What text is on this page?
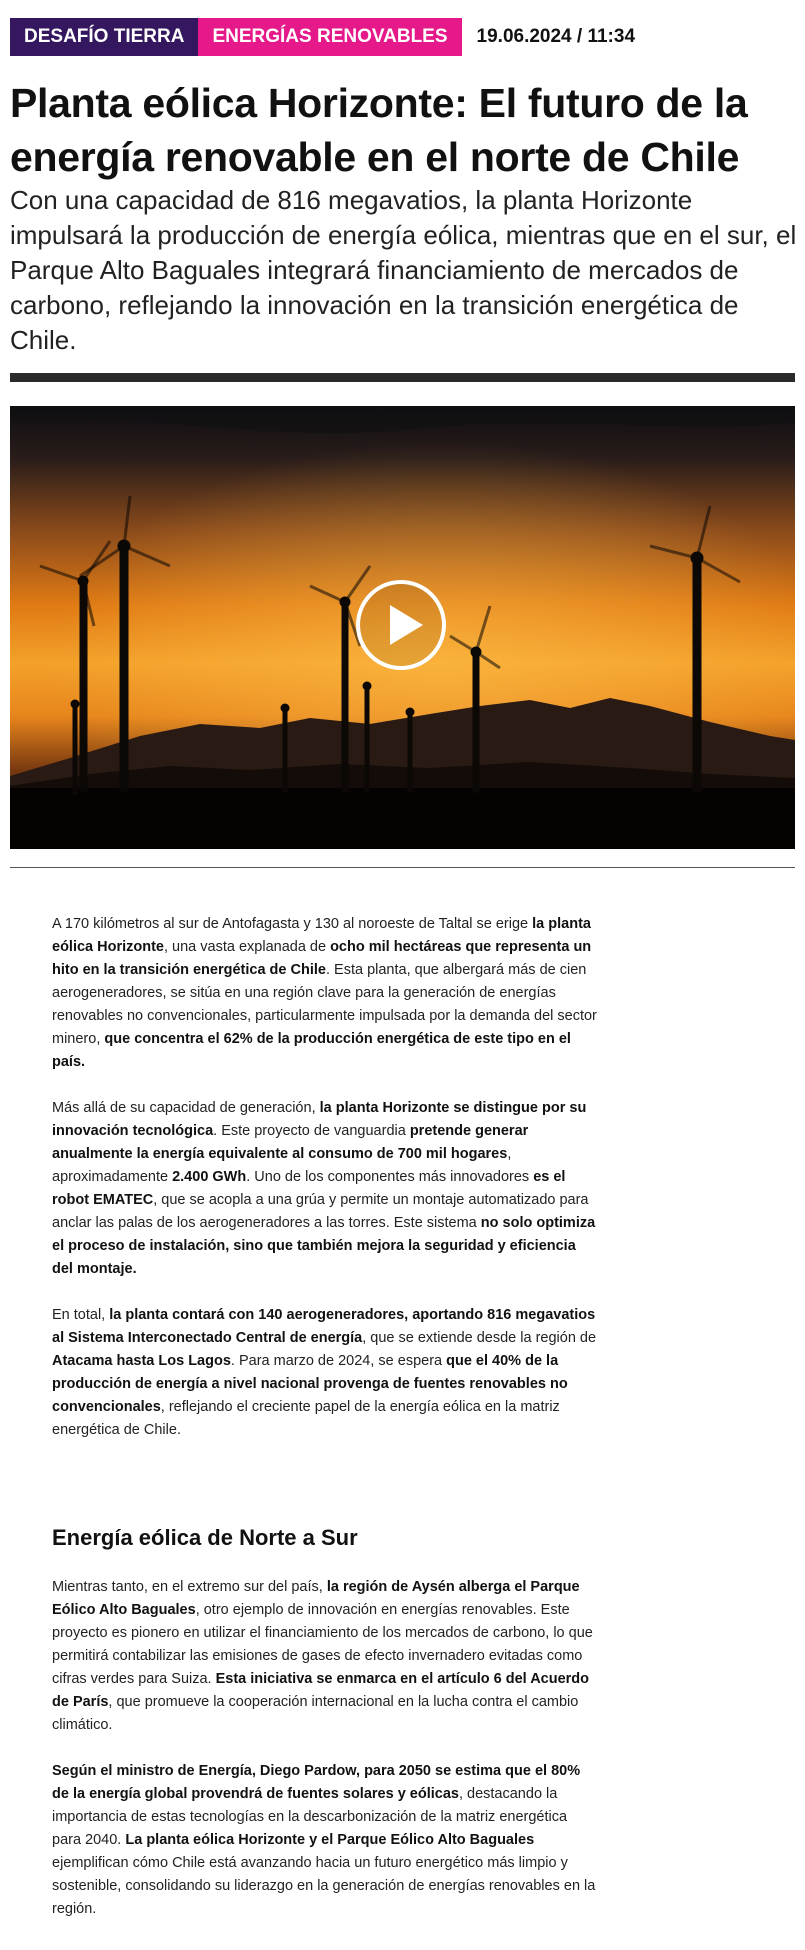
DESAFÍO TIERRA	ENERGÍAS RENOVABLES	19.06.2024 / 11:34
Planta eólica Horizonte: El futuro de la energía renovable en el norte de Chile
Con una capacidad de 816 megavatios, la planta Horizonte impulsará la producción de energía eólica, mientras que en el sur, el Parque Alto Baguales integrará financiamiento de mercados de carbono, reflejando la innovación en la transición energética de Chile.

A 170 kilómetros al sur de Antofagasta y 130 al noroeste de Taltal se erige la planta eólica Horizonte, una vasta explanada de ocho mil hectáreas que representa un hito en la transición energética de Chile. Esta planta, que albergará más de cien aerogeneradores, se sitúa en una región clave para la generación de energías renovables no convencionales, particularmente impulsada por la demanda del sector minero, que concentra el 62% de la producción energética de este tipo en el país.

Más allá de su capacidad de generación, la planta Horizonte se distingue por su innovación tecnológica. Este proyecto de vanguardia pretende generar anualmente la energía equivalente al consumo de 700 mil hogares, aproximadamente 2.400 GWh. Uno de los componentes más innovadores es el robot EMATEC, que se acopla a una grúa y permite un montaje automatizado para anclar las palas de los aerogeneradores a las torres. Este sistema no solo optimiza el proceso de instalación, sino que también mejora la seguridad y eficiencia del montaje.

En total, la planta contará con 140 aerogeneradores, aportando 816 megavatios al Sistema Interconectado Central de energía, que se extiende desde la región de Atacama hasta Los Lagos. Para marzo de 2024, se espera que el 40% de la producción de energía a nivel nacional provenga de fuentes renovables no convencionales, reflejando el creciente papel de la energía eólica en la matriz energética de Chile.

Energía eólica de Norte a Sur

Mientras tanto, en el extremo sur del país, la región de Aysén alberga el Parque Eólico Alto Baguales, otro ejemplo de innovación en energías renovables. Este proyecto es pionero en utilizar el financiamiento de los mercados de carbono, lo que permitirá contabilizar las emisiones de gases de efecto invernadero evitadas como cifras verdes para Suiza. Esta iniciativa se enmarca en el artículo 6 del Acuerdo de París, que promueve la cooperación internacional en la lucha contra el cambio climático.

Según el ministro de Energía, Diego Pardow, para 2050 se estima que el 80% de la energía global provendrá de fuentes solares y eólicas, destacando la importancia de estas tecnologías en la descarbonización de la matriz energética para 2040. La planta eólica Horizonte y el Parque Eólico Alto Baguales ejemplifican cómo Chile está avanzando hacia un futuro energético más limpio y sostenible, consolidando su liderazgo en la generación de energías renovables en la región.
